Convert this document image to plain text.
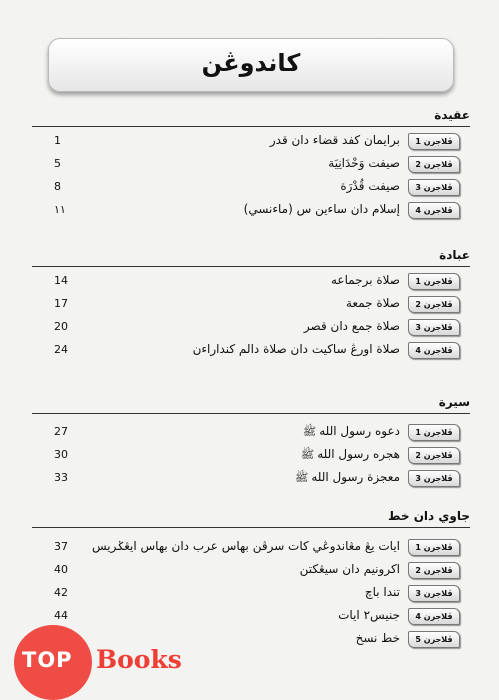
كاندوڠن
عقيدة
ڤلاجرن 1
برايمان كفد قضاء دان قدر
1
ڤلاجرن 2
صيفت وَحْدَانِيَة
5
ڤلاجرن 3
صيفت قُدْرَة
8
ڤلاجرن 4
إسلام دان ساءين س (ماءنسي)
١١
عبادة
ڤلاجرن 1
صلاة برجماعه
14
ڤلاجرن 2
صلاة جمعة
17
ڤلاجرن 3
صلاة جمع دان قصر
20
ڤلاجرن 4
صلاة اورڠ ساكيت دان صلاة دالم كنداراءن
24
سيرة
ڤلاجرن 1
دعوه رسول اللهﷺ
27
ڤلاجرن 2
هجره رسول اللهﷺ
30
ڤلاجرن 3
معجزة رسول اللهﷺ
33
جاوي دان خط
ڤلاجرن 1
ايات يڠ مڠاندوڠي كات سرڤن بهاس عرب دان بهاس ايڠݢريس
37
ڤلاجرن 2
اكرونيم دان سيڠكتن
40
ڤلاجرن 3
تندا باچ
42
ڤلاجرن 4
جنيس٢ ايات
44
ڤلاجرن 5
خط نسخ
TOP Books
